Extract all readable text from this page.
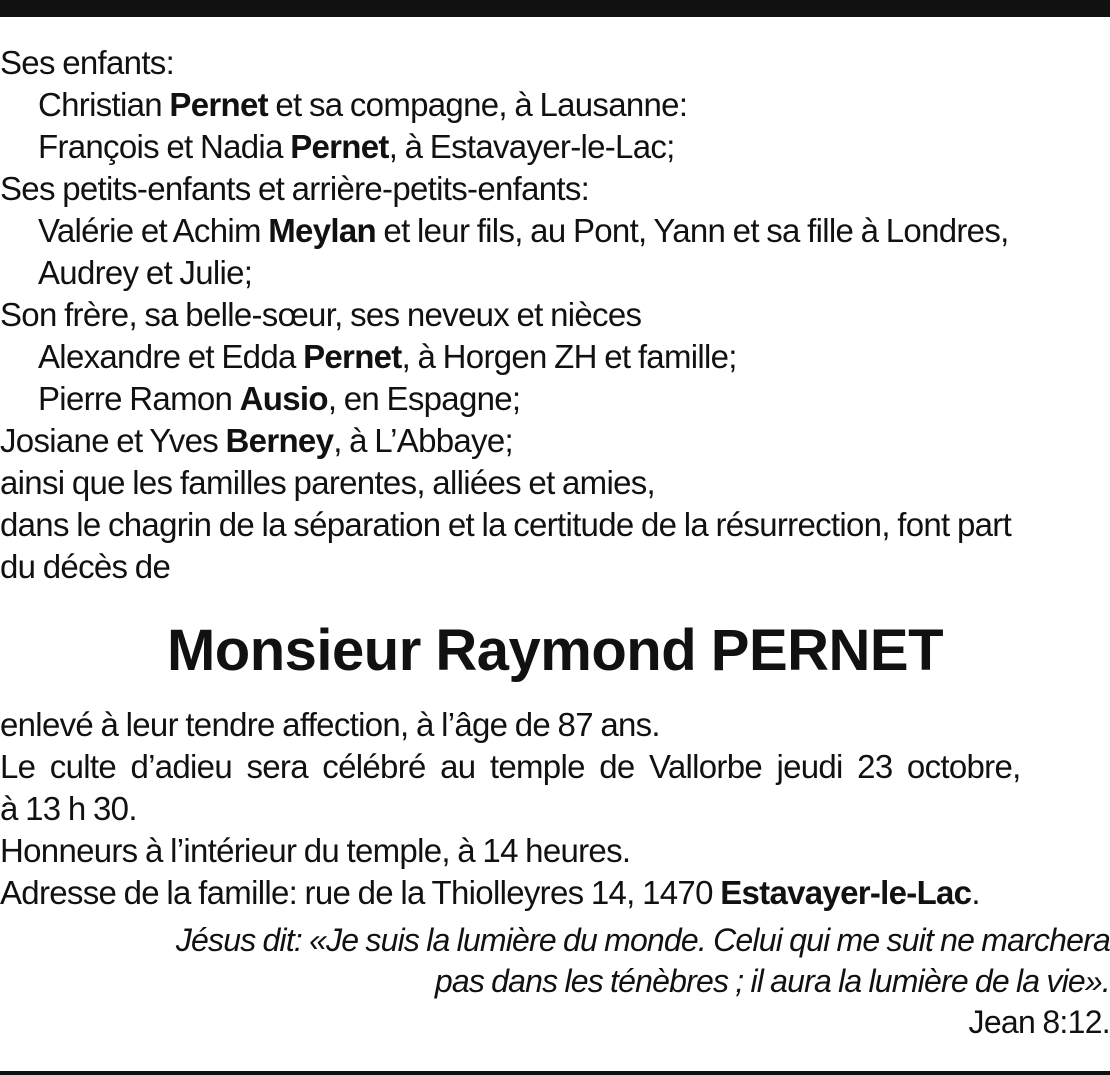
Ses enfants:
Christian Pernet et sa compagne, à Lausanne:
François et Nadia Pernet, à Estavayer-le-Lac;
Ses petits-enfants et arrière-petits-enfants:
Valérie et Achim Meylan et leur fils, au Pont, Yann et sa fille à Londres,
Audrey et Julie;
Son frère, sa belle-sœur, ses neveux et nièces
Alexandre et Edda Pernet, à Horgen ZH et famille;
Pierre Ramon Ausio, en Espagne;
Josiane et Yves Berney, à L’Abbaye;
ainsi que les familles parentes, alliées et amies,
dans le chagrin de la séparation et la certitude de la résurrection, font part
du décès de
Monsieur Raymond PERNET
enlevé à leur tendre affection, à l’âge de 87 ans.
Le culte d’adieu sera célébré au temple de Vallorbe jeudi 23 octobre,
à 13 h 30.
Honneurs à l’intérieur du temple, à 14 heures.
Adresse de la famille: rue de la Thiolleyres 14, 1470 Estavayer-le-Lac.
Jésus dit: «Je suis la lumière du monde. Celui qui me suit ne marchera
pas dans les ténèbres ; il aura la lumière de la vie».
Jean 8:12.
